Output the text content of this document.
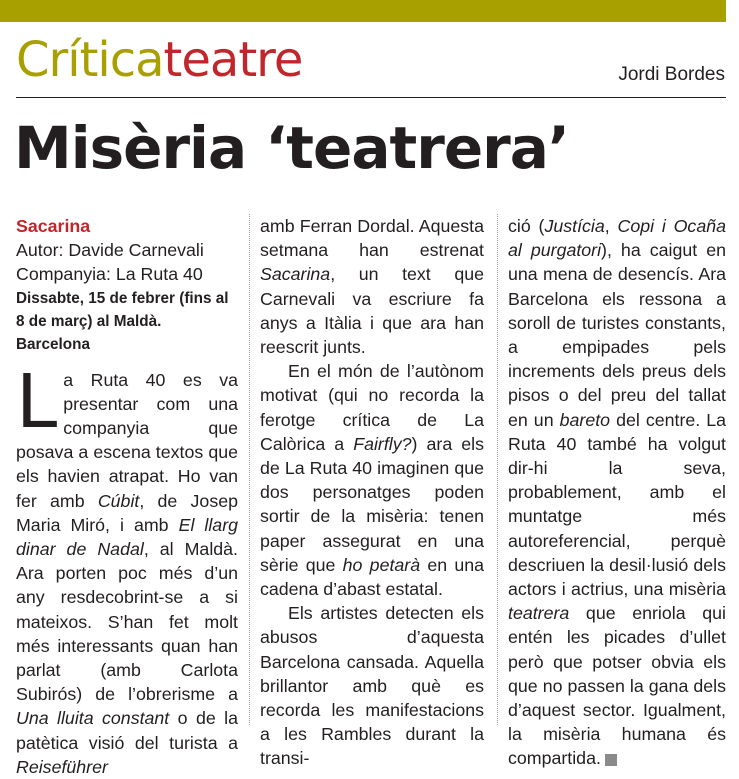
Críticateatre	Jordi Bordes
Misèria ‘teatrera’

Sacarina

Autor: Davide Carnevali

Companyia: La Ruta 40

Dissabte, 15 de febrer (fins al 8 de març) al Maldà. Barcelona

La Ruta 40 es va presentar com una companyia que posava a escena textos que els havien atrapat. Ho van fer amb Cúbit, de Josep Maria Miró, i amb El llarg dinar de Nadal, al Maldà. Ara porten poc més d’un any resdecobrint-se a si mateixos. S’han fet molt més interessants quan han parlat (amb Carlota Subirós) de l’obrerisme a Una lluita constant o de la patètica visió del turista a Reiseführer

amb Ferran Dordal. Aquesta setmana han estrenat Sacarina, un text que Carnevali va escriure fa anys a Itàlia i que ara han reescrit junts.

En el món de l’autònom motivat (qui no recorda la ferotge crítica de La Calòrica a Fairfly?) ara els de La Ruta 40 imaginen que dos personatges poden sortir de la misèria: tenen paper assegurat en una sèrie que ho petarà en una cadena d’abast estatal.

Els artistes detecten els abusos d’aquesta Barcelona cansada. Aquella brillantor amb què es recorda les manifestacions a les Rambles durant la transi-

ció (Justícia, Copi i Ocaña al purgatori), ha caigut en una mena de desencís. Ara Barcelona els ressona a soroll de turistes constants, a empipades pels increments dels preus dels pisos o del preu del tallat en un bareto del centre. La Ruta 40 també ha volgut dir-hi la seva, probablement, amb el muntatge més autoreferencial, perquè descriuen la desil·lusió dels actors i actrius, una misèria teatrera que enriola qui entén les picades d’ullet però que potser obvia els que no passen la gana dels d’aquest sector. Igualment, la misèria humana és compartida.
